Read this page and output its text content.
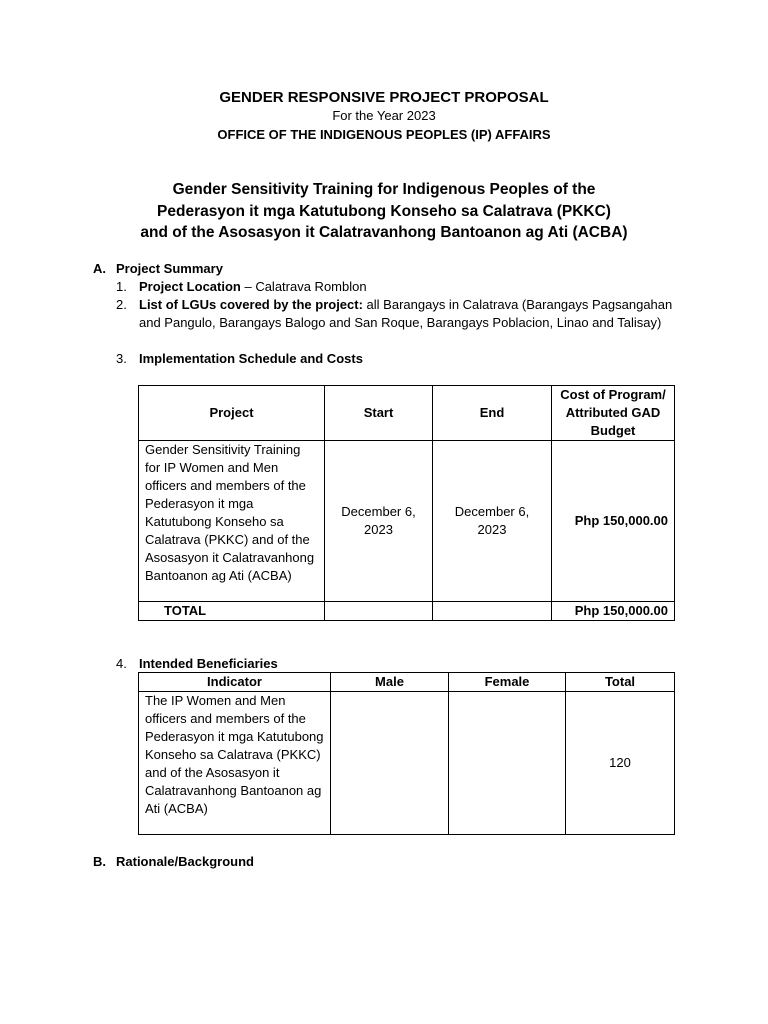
GENDER RESPONSIVE PROJECT PROPOSAL
For the Year 2023
OFFICE OF THE INDIGENOUS PEOPLES (IP) AFFAIRS
Gender Sensitivity Training for Indigenous Peoples of the
Pederasyon it mga Katutubong Konseho sa Calatrava (PKKC)
and of the Asosasyon it Calatravanhong Bantoanon ag Ati (ACBA)
A. Project Summary
1. Project Location – Calatrava Romblon
2. List of LGUs covered by the project: all Barangays in Calatrava (Barangays Pagsangahan and Pangulo, Barangays Balogo and San Roque, Barangays Poblacion, Linao and Talisay)
3. Implementation Schedule and Costs
Project	Start	End	Cost of Program/ Attributed GAD Budget
Gender Sensitivity Training for IP Women and Men officers and members of the Pederasyon it mga Katutubong Konseho sa Calatrava (PKKC) and of the Asosasyon it Calatravanhong Bantoanon ag Ati (ACBA)	December 6, 2023	December 6, 2023	Php 150,000.00
TOTAL			Php 150,000.00
4. Intended Beneficiaries
Indicator	Male	Female	Total
The IP Women and Men officers and members of the Pederasyon it mga Katutubong Konseho sa Calatrava (PKKC) and of the Asosasyon it Calatravanhong Bantoanon ag Ati (ACBA)			120
B. Rationale/Background
